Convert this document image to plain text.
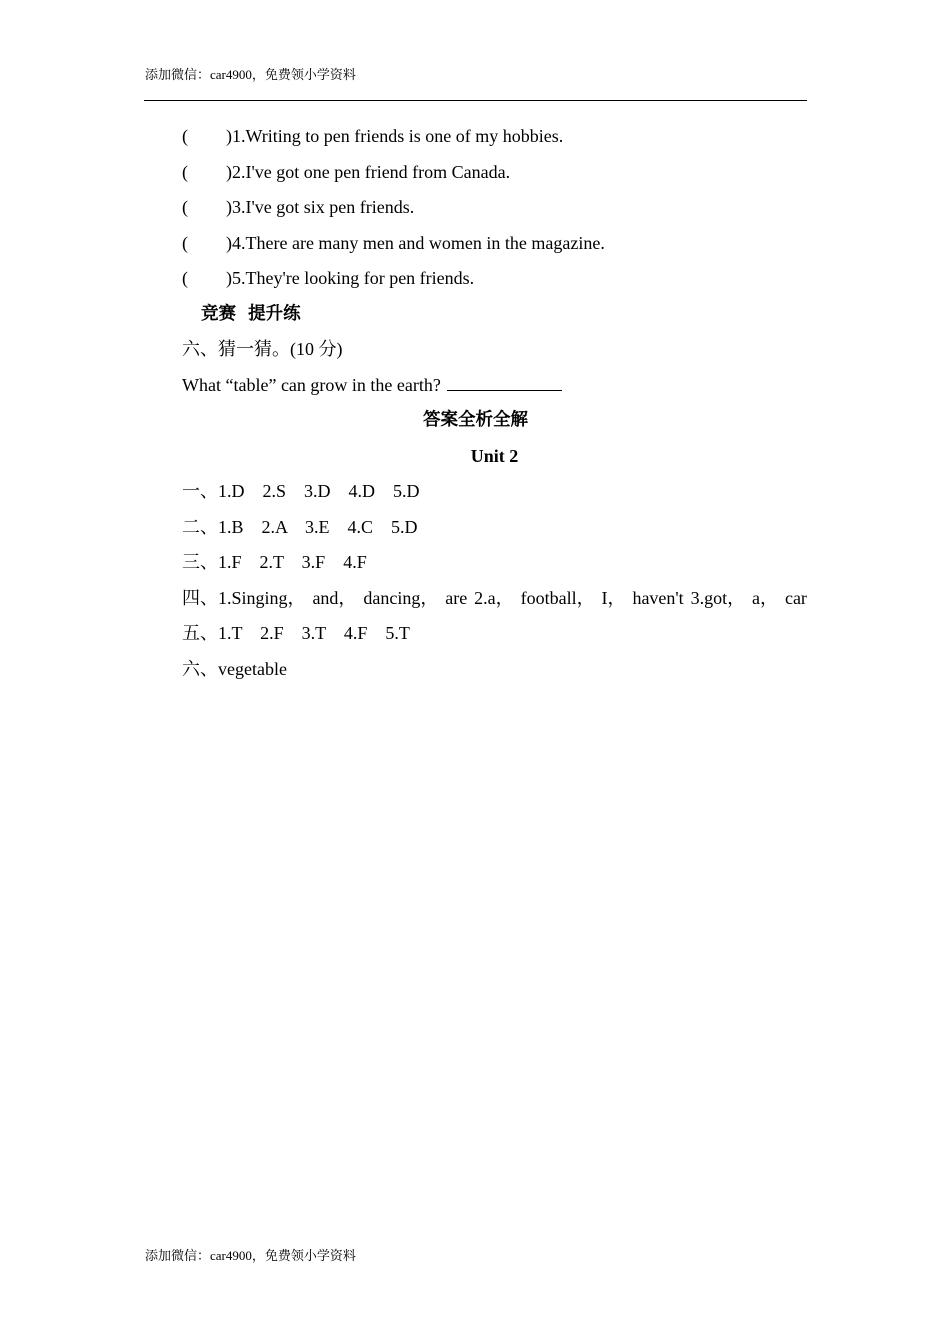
添加微信：car4900，免费领小学资料
( )1.Writing to pen friends is one of my hobbies.
( )2.I've got one pen friend from Canada.
( )3.I've got six pen friends.
( )4.There are many men and women in the magazine.
( )5.They're looking for pen friends.
竞赛  提升练
六、猜一猜。(10 分)
What “table” can grow in the earth?
答案全析全解
Unit 2
一、1.D    2.S    3.D    4.D    5.D
二、1.B    2.A    3.E    4.C    5.D
三、1.F    2.T    3.F    4.F
四、1.Singing， and， dancing， are 2.a， football， I， haven't 3.got， a， car
五、1.T    2.F    3.T    4.F    5.T
六、vegetable
添加微信：car4900，免费领小学资料
